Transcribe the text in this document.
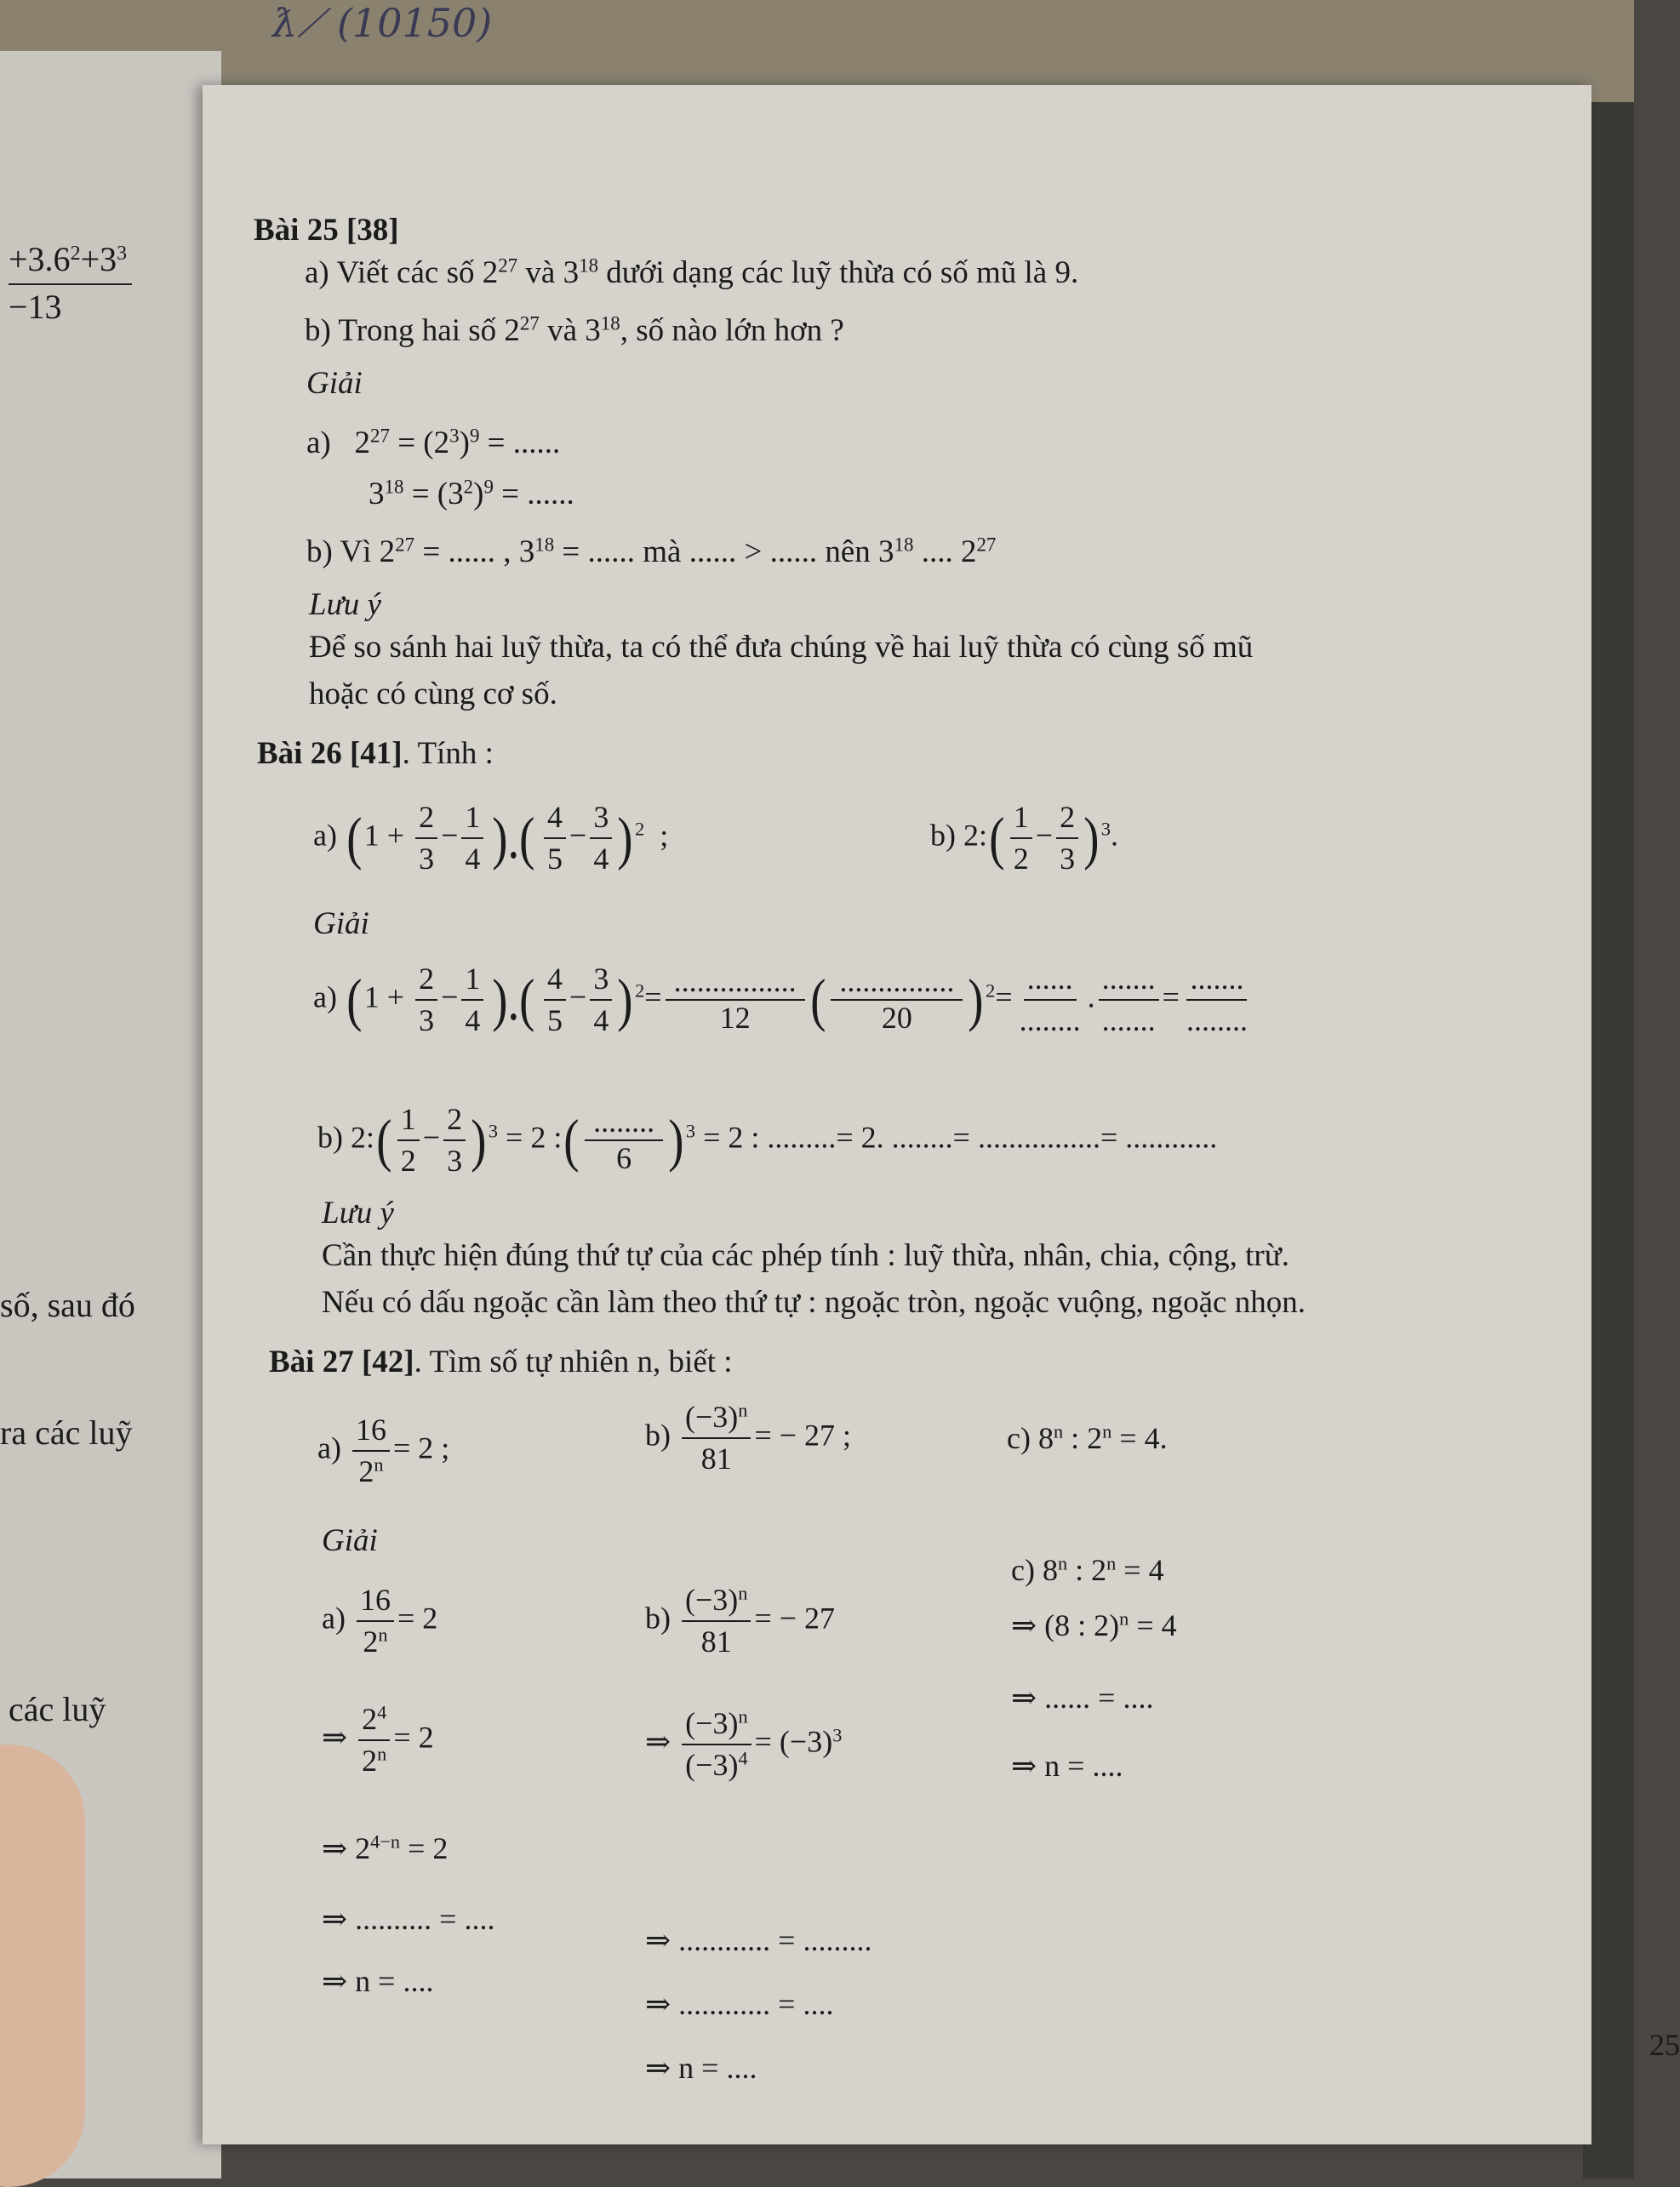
ƛ⟋ (10150)
$\frac{+3.6^2+3^3}{-13}$
số, sau đó
ra các luỹ
các luỹ
Bài 25 [38]
a) Viết các số $2^{27}$ và $3^{18}$ dưới dạng các luỹ thừa có số mũ là 9.
b) Trong hai số $2^{27}$ và $3^{18}$, số nào lớn hơn ?
Giải
a) $2^{27} = (2^3)^9$ = ......
$3^{18} = (3^2)^9$ = ......
b) Vì $2^{27}$ = ...... , $3^{18}$ = ...... mà ...... > ...... nên $3^{18}$ .... $2^{27}$
Lưu ý
Để so sánh hai luỹ thừa, ta có thể đưa chúng về hai luỹ thừa có cùng số mũ
hoặc có cùng cơ số.
Bài 26 [41]. Tính :
a) ($1 + \frac{2}{3} - \frac{1}{4}$ ).( $\frac{4}{5} - \frac{3}{4}$ ) $^2$ ;	b) 2:( $\frac{1}{2} - \frac{2}{3}$ ) $^3$.
Giải
a) ($1 + \frac{2}{3} - \frac{1}{4}$ ).( $\frac{4}{5} - \frac{3}{4}$ ) $^2$= ................
12 ( ...............
20 ) $^2$=
......
........
.
.......
.......
=
.......
........
b) 2:( $\frac{1}{2} - \frac{2}{3}$ ) $^3$ = 2 :( ........
6 ) $^3$ = 2 : .........= 2. ........= ................= ............
Lưu ý
Cần thực hiện đúng thứ tự của các phép tính : luỹ thừa, nhân, chia, cộng, trừ.
Nếu có dấu ngoặc cần làm theo thứ tự : ngoặc tròn, ngoặc vuộng, ngoặc nhọn.
Bài 27 [42]. Tìm số tự nhiên n, biết :
$a) \frac{16}{2^n} = 2$ ;	$b) \frac{(-3)^n}{81}$ = − 27 ;	c) 8$^n$ : $2^n = 4$.
Giải
$a) \frac{16}{2^n} = 2$
⇒ $\frac{2^4}{2^n} = 2$
⇒ $2^{4-n} = 2$
⇒ .......... = ....
⇒ n = ....
$b) \frac{(-3)^n}{81}$ = − 27
⇒ $\frac{(-3)^n}{(-3)^4} = (-3)^3$
⇒ ............ = .........
⇒ ............ = ....
⇒ n = ....
c) 8$^n$ : $2^n = 4$
⇒ (8 : 2)$^n$ = 4
⇒ ...... = ....
⇒ n = ....
25
